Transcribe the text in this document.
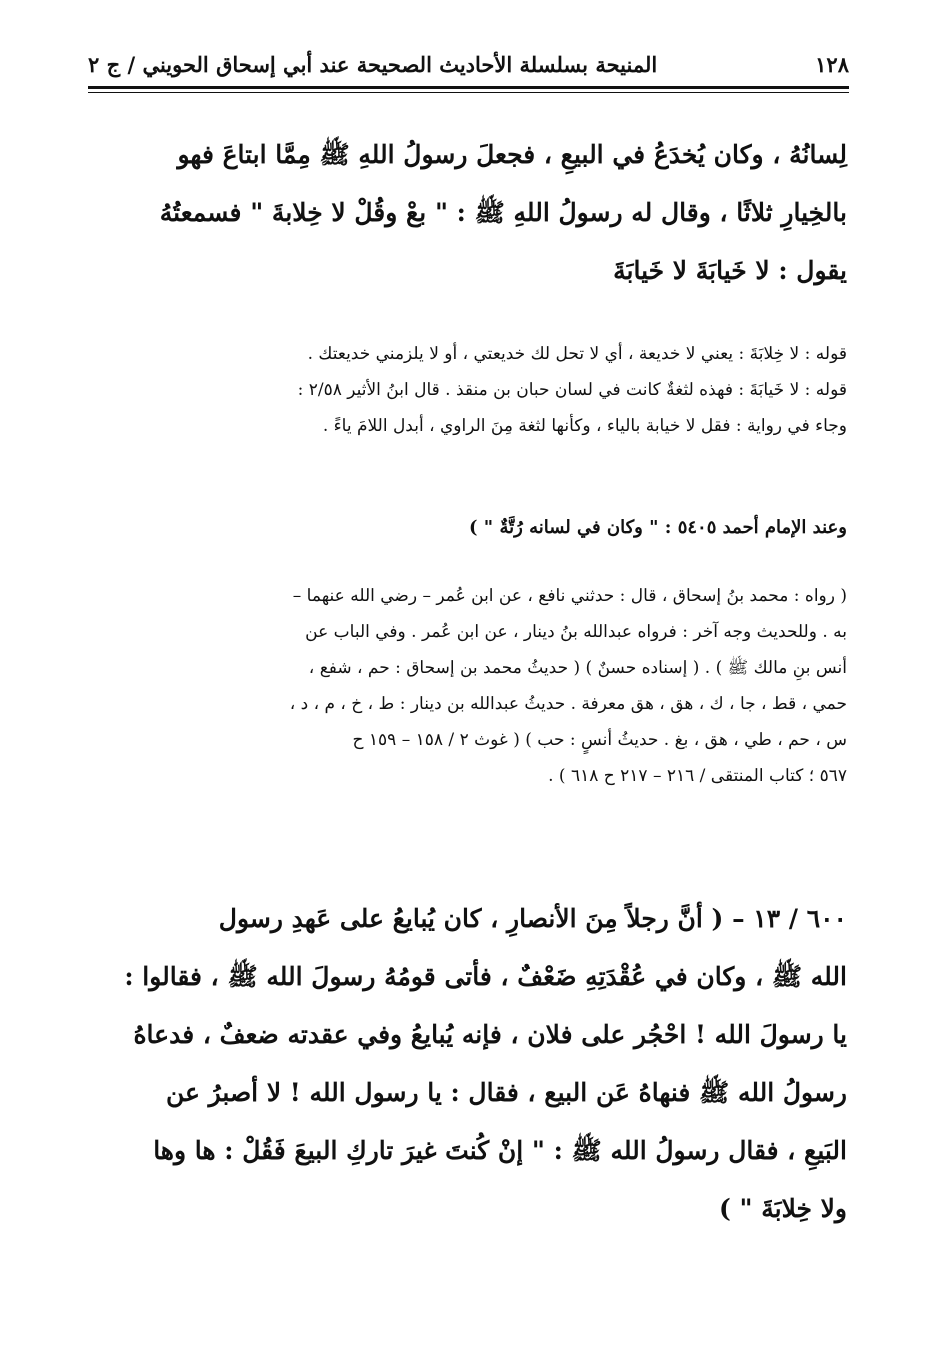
١٢٨
المنيحة بسلسلة الأحاديث الصحيحة عند أبي إسحاق الحويني / ج ٢

لِسانُهُ ، وكان يُخدَعُ في البيعِ ، فجعلَ رسولُ اللهِ ﷺ مِمَّا ابتاعَ فهو
بالخِيارِ ثلاثًا ، وقال له رسولُ اللهِ ﷺ : " بعْ وقُلْ لا خِلابةَ " فسمعتُهُ
يقول : لا خَيابَةَ لا خَيابَةَ

قوله : لا خِلابَةَ : يعني لا خديعة ، أي لا تحل لك خديعتي ، أو لا يلزمني خديعتك .
قوله : لا خَيابَةَ : فهذه لثغةٌ كانت في لسان حبان بن منقذ . قال ابنُ الأثير ٢/٥٨ :
وجاء في رواية : فقل لا خيابة بالياء ، وكأنها لثغة مِنَ الراوي ، أبدل اللامَ ياءً .

وعند الإمام أحمد ٥٤٠٥ : " وكان في لسانه رُتَّةٌ " )

( رواه : محمد بنُ إسحاق ، قال : حدثني نافع ، عن ابن عُمر – رضي الله عنهما –
به . وللحديث وجه آخر : فرواه عبدالله بنُ دينار ، عن ابن عُمر . وفي الباب عن
أنس بنِ مالك ﷺ ) . ( إسناده حسنٌ ) ( حديثُ محمد بن إسحاق : حم ، شفع ،
حمي ، قط ، جا ، ك ، هق ، هق معرفة . حديثُ عبدالله بن دينار : ط ، خ ، م ، د ،
س ، حم ، طي ، هق ، بغ . حديثُ أنسٍ : حب ) ( غوث ٢ / ١٥٨ – ١٥٩ ح
٥٦٧ ؛ كتاب المنتقى / ٢١٦ – ٢١٧ ح ٦١٨ ) .

٦٠٠ / ١٣ – ( أنَّ رجلاً مِنَ الأنصارِ ، كان يُبايعُ على عَهدِ رسول
الله ﷺ ، وكان في عُقْدَتِهِ ضَعْفٌ ، فأتى قومُهُ رسولَ الله ﷺ ، فقالوا :
يا رسولَ الله ! احْجُر على فلان ، فإنه يُبايعُ وفي عقدته ضعفٌ ، فدعاهُ
رسولُ الله ﷺ فنهاهُ عَن البيع ، فقال : يا رسول الله ! لا أصبرُ عن
البَيعِ ، فقال رسولُ الله ﷺ : " إنْ كُنتَ غيرَ تاركِ البيعَ فَقُلْ : ها وها
ولا خِلابَةَ " )
